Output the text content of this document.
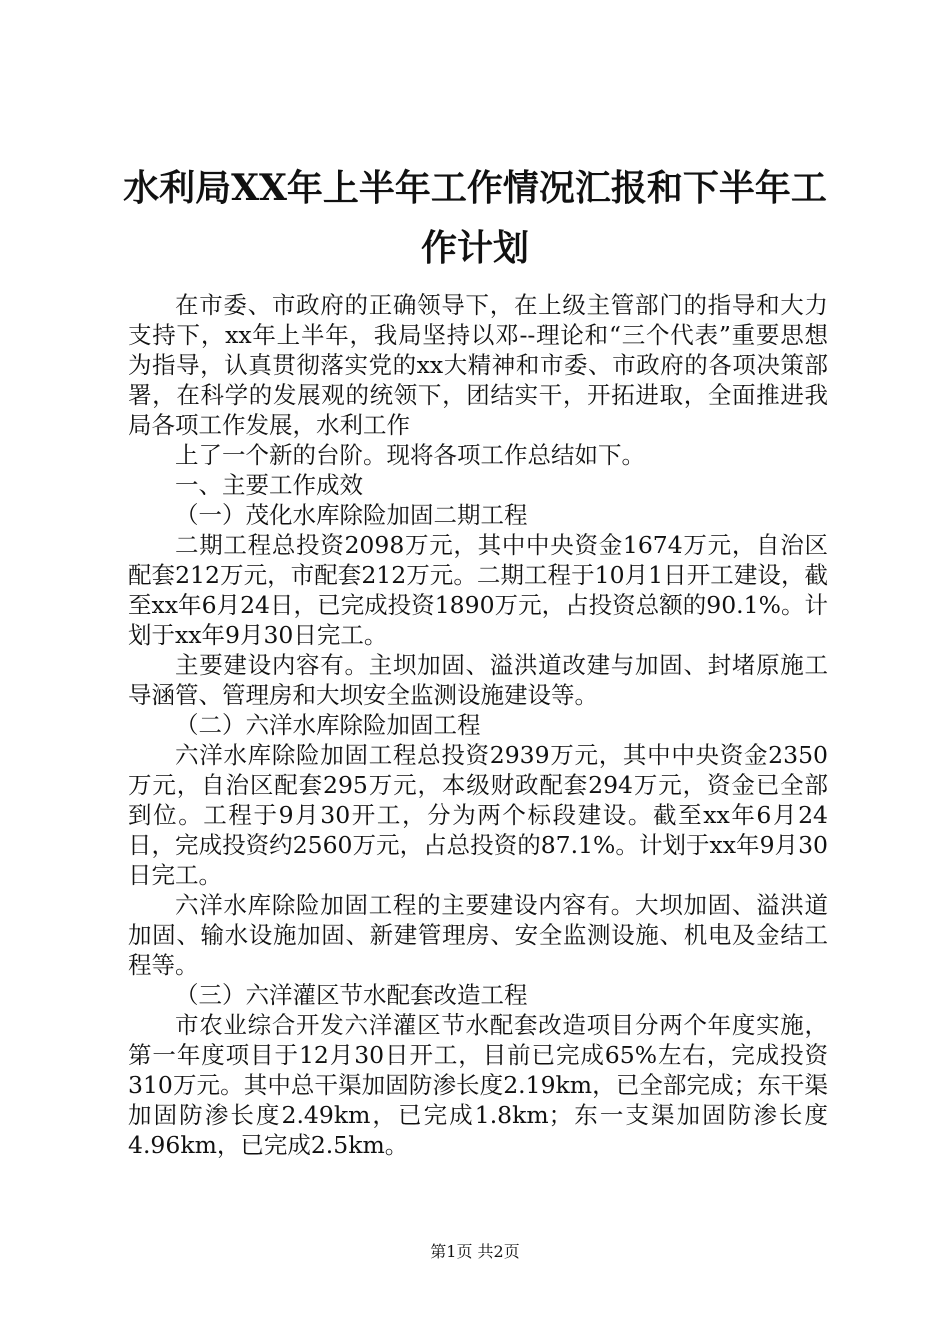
水利局XX年上半年工作情况汇报和下半年工作计划

在市委、市政府的正确领导下，在上级主管部门的指导和大力支持下，xx年上半年，我局坚持以邓--理论和“三个代表”重要思想为指导，认真贯彻落实党的xx大精神和市委、市政府的各项决策部署，在科学的发展观的统领下，团结实干，开拓进取，全面推进我局各项工作发展，水利工作

上了一个新的台阶。现将各项工作总结如下。

一、主要工作成效

（一）茂化水库除险加固二期工程

二期工程总投资2098万元，其中中央资金1674万元，自治区配套212万元，市配套212万元。二期工程于10月1日开工建设，截至xx年6月24日，已完成投资1890万元，占投资总额的90.1%。计划于xx年9月30日完工。

主要建设内容有。主坝加固、溢洪道改建与加固、封堵原施工导涵管、管理房和大坝安全监测设施建设等。

（二）六洋水库除险加固工程

六洋水库除险加固工程总投资2939万元，其中中央资金2350万元，自治区配套295万元，本级财政配套294万元，资金已全部到位。工程于9月30开工，分为两个标段建设。截至xx年6月24日，完成投资约2560万元，占总投资的87.1%。计划于xx年9月30日完工。

六洋水库除险加固工程的主要建设内容有。大坝加固、溢洪道加固、输水设施加固、新建管理房、安全监测设施、机电及金结工程等。

（三）六洋灌区节水配套改造工程

市农业综合开发六洋灌区节水配套改造项目分两个年度实施，第一年度项目于12月30日开工，目前已完成65%左右，完成投资310万元。其中总干渠加固防渗长度2.19km，已全部完成；东干渠加固防渗长度2.49km，已完成1.8km；东一支渠加固防渗长度4.96km，已完成2.5km。

第1页 共2页
